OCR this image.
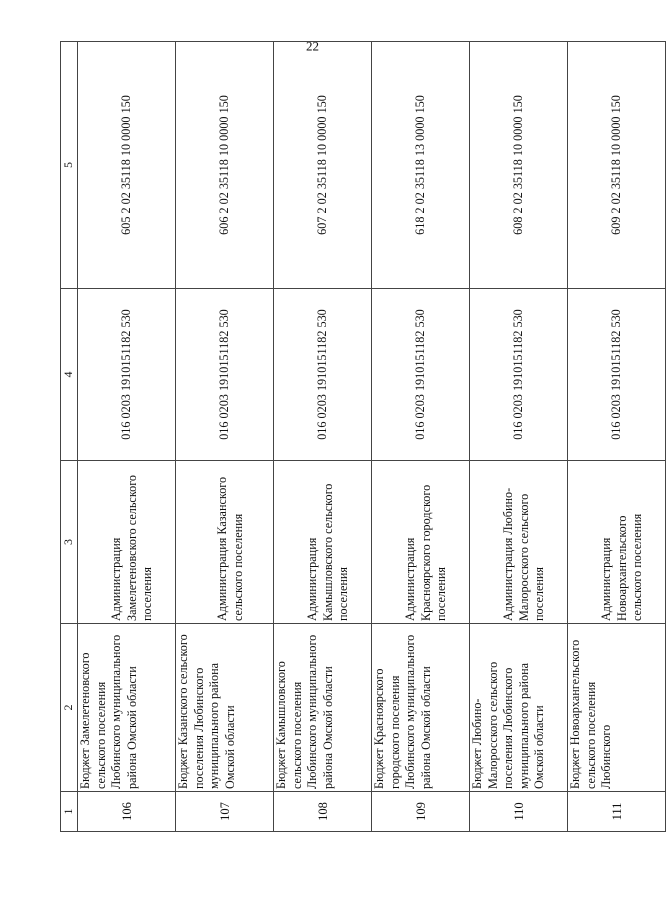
1	2	3	4	5
106	Бюджет Замелетеновского сельского поселения Любинского муниципального района Омской области	Администрация Замелетеновского сельского поселения	016 0203 1910151182 530	605 2 02 35118 10 0000 150
107	Бюджет Казанского сельского поселения Любинского муниципального района Омской области	Администрация Казанского сельского поселения	016 0203 1910151182 530	606 2 02 35118 10 0000 150
108	Бюджет Камышловского сельского поселения Любинского муниципального района Омской области	Администрация Камышловского сельского поселения	016 0203 1910151182 530	607 2 02 35118 10 0000 150
109	Бюджет Красноярского городского поселения Любинского муниципального района Омской области	Администрация Красноярского городского поселения	016 0203 1910151182 530	618 2 02 35118 13 0000 150
110	Бюджет Любино-Малоросского сельского поселения Любинского муниципального района Омской области	Администрация Любино-Малоросского сельского поселения	016 0203 1910151182 530	608 2 02 35118 10 0000 150
111	Бюджет Новоархангельского сельского поселения Любинского	Администрация Новоархангельского сельского поселения	016 0203 1910151182 530	609 2 02 35118 10 0000 150
22
